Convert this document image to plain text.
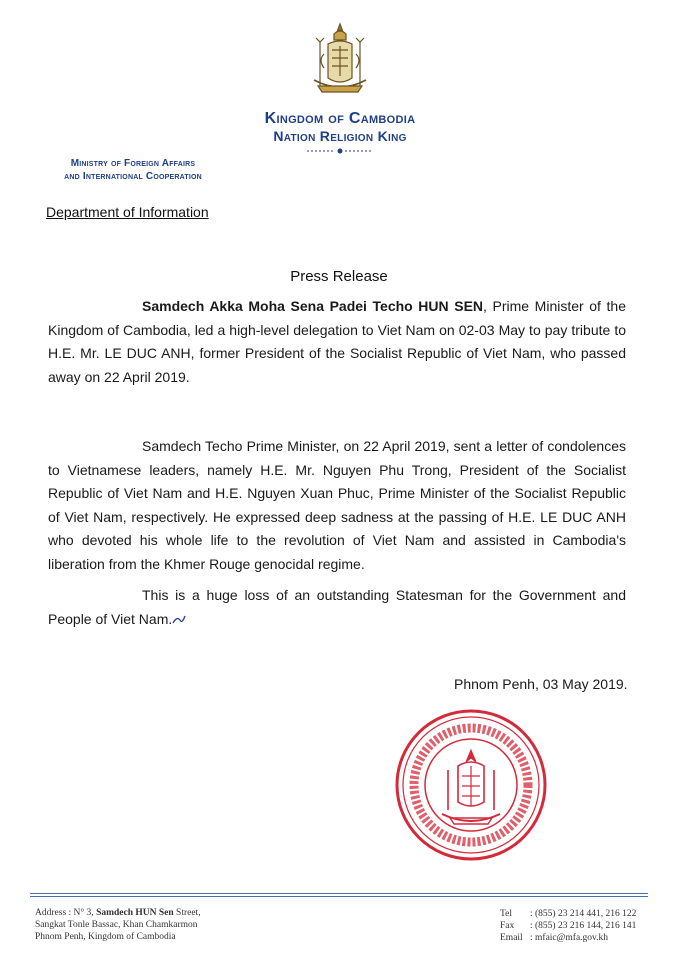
Kingdom of Cambodia
Nation Religion King
Ministry of Foreign Affairs
and International Cooperation
Department of Information
Press Release
Samdech Akka Moha Sena Padei Techo HUN SEN, Prime Minister of the Kingdom of Cambodia, led a high-level delegation to Viet Nam on 02-03 May to pay tribute to H.E. Mr. LE DUC ANH, former President of the Socialist Republic of Viet Nam, who passed away on 22 April 2019.
Samdech Techo Prime Minister, on 22 April 2019, sent a letter of condolences to Vietnamese leaders, namely H.E. Mr. Nguyen Phu Trong, President of the Socialist Republic of Viet Nam and H.E. Nguyen Xuan Phuc, Prime Minister of the Socialist Republic of Viet Nam, respectively. He expressed deep sadness at the passing of H.E. LE DUC ANH who devoted his whole life to the revolution of Viet Nam and assisted in Cambodia's liberation from the Khmer Rouge genocidal regime.
This is a huge loss of an outstanding Statesman for the Government and People of Viet Nam.
Phnom Penh, 03 May 2019.
Address : N° 3, Samdech HUN Sen Street,
Sangkat Tonle Bassac, Khan Chamkarmon
Phnom Penh, Kingdom of Cambodia
Tel : (855) 23 214 441, 216 122
Fax : (855) 23 216 144, 216 141
Email : mfaic@mfa.gov.kh
